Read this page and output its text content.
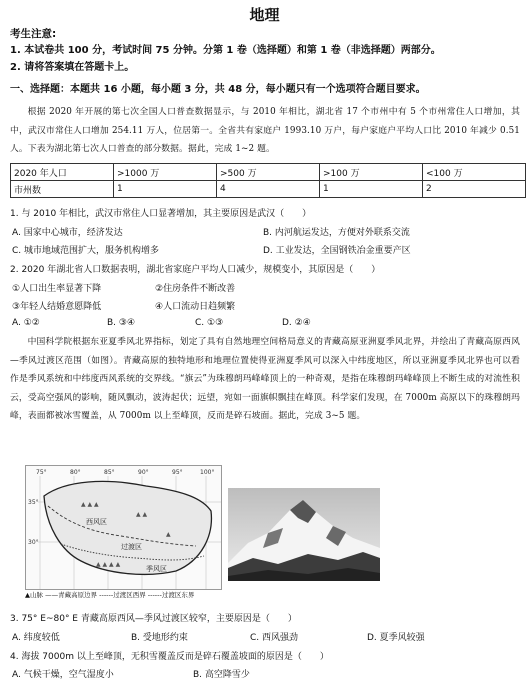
地理
考生注意:
1. 本试卷共 100 分，考试时间 75 分钟。分第 1 卷（选择题）和第 1 卷（非选择题）两部分。
2. 请将答案填在答题卡上。
一、选择题：本题共 16 小题，每小题 3 分，共 48 分，每小题只有一个选项符合题目要求。
根据 2020 年开展的第七次全国人口普查数据显示，与 2010 年相比，湖北省 17 个市州中有 5 个市州常住人口增加，其中，武汉市常住人口增加 254.11 万人，位居第一。全省共有家庭户 1993.10 万户，每户家庭户平均人口比 2010 年减少 0.51 人。下表为湖北第七次人口普查的部分数据。据此，完成 1~2 题。
2020 年人口	>1000 万	>500 万	>100 万	<100 万
市州数	1	4	1	2
1. 与 2010 年相比，武汉市常住人口显著增加，其主要原因是武汉（　　）
A. 国家中心城市，经济发达	B. 内河航运发达，方便对外联系交流
C. 城市地域范围扩大，服务机构增多	D. 工业发达，全国钢铁冶金重要产区
2. 2020 年湖北省人口数据表明，湖北省家庭户平均人口减少，规模变小，其原因是（　　）
①人口出生率显著下降	②住房条件不断改善
③年轻人结婚意愿降低	④人口流动日趋频繁
A. ①②	B. ③④	C. ①③	D. ②④
中国科学院根据东亚夏季风北界指标，划定了具有自然地理空间格局意义的青藏高原亚洲夏季风北界，并绘出了青藏高原西风—季风过渡区范围（如图）。青藏高原的独特地形和地理位置使得亚洲夏季风可以深入中纬度地区，所以亚洲夏季风北界也可以看作是季风系统和中纬度西风系统的交界线。“旗云”为珠穆朗玛峰峰顶上的一种奇观，是指在珠穆朗玛峰峰顶上不断生成的对流性积云，受高空强风的影响，随风飘动，波涛起伏；远望，宛如一面旗帜飘挂在峰顶。科学家们发现，在 7000m 高原以下的珠穆朗玛峰，表面都被冰雪覆盖，从 7000m 以上至峰顶，反而是碎石坡面。据此，完成 3~5 题。
75°	80°	85°	90°	95°	100°
35°
30°
▲ ▲ ▲
▲ ▲
▲ ▲ ▲ ▲
▲
西风区
季风区
过渡区
▲山脉 ——青藏高原边界 ------过渡区西界 ------过渡区东界
3. 75° E~80° E 青藏高原西风—季风过渡区较窄，主要原因是（　　）
A. 纬度较低	B. 受地形约束	C. 西风强劲	D. 夏季风较强
4. 海拔 7000m 以上至峰顶，无积雪覆盖反而是碎石覆盖坡面的原因是（　　）
A. 气候干燥，空气湿度小	B. 高空降雪少
